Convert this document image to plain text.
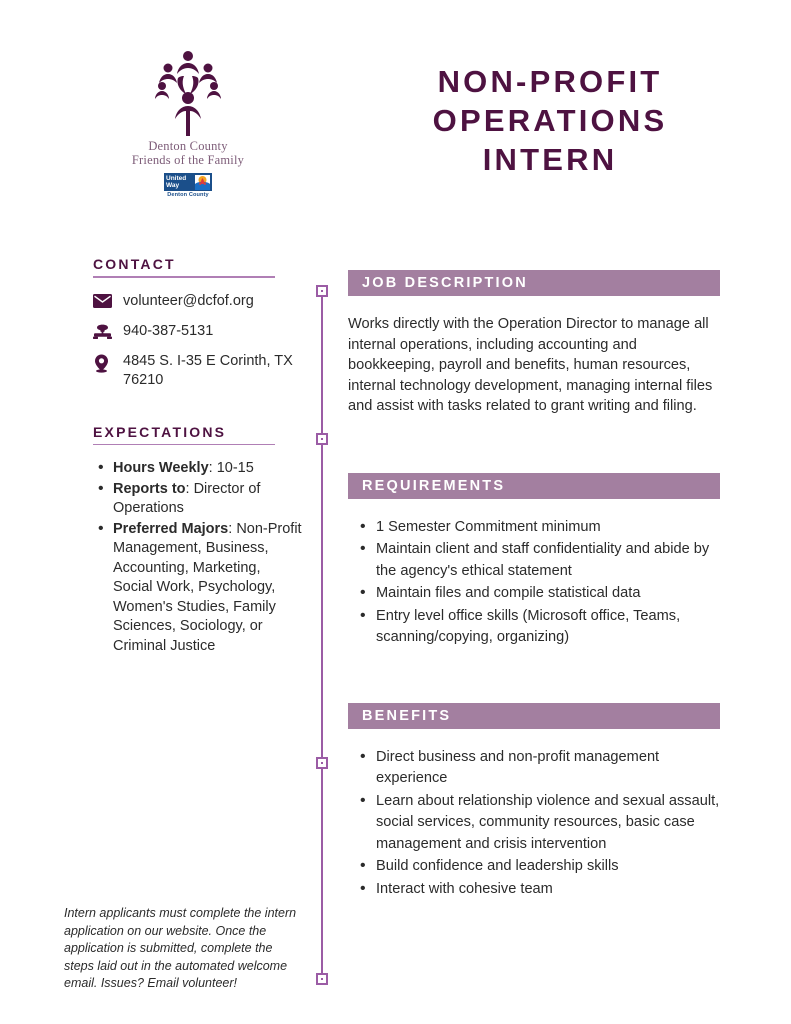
Denton County
Friends of the Family
United
Way
Denton County
NON-PROFIT OPERATIONS INTERN
CONTACT
volunteer@dcfof.org
940-387-5131
4845 S. I-35 E Corinth, TX 76210
EXPECTATIONS
• Hours Weekly: 10-15
• Reports to: Director of Operations
• Preferred Majors: Non-Profit Management, Business, Accounting, Marketing, Social Work, Psychology, Women's Studies, Family Sciences, Sociology, or Criminal Justice
Intern applicants must complete the intern application on our website. Once the application is submitted, complete the steps laid out in the automated welcome email. Issues? Email volunteer!
JOB DESCRIPTION
Works directly with the Operation Director to manage all internal operations, including accounting and bookkeeping, payroll and benefits, human resources, internal technology development, managing internal files and assist with tasks related to grant writing and filing.
REQUIREMENTS
• 1 Semester Commitment minimum
• Maintain client and staff confidentiality and abide by the agency's ethical statement
• Maintain files and compile statistical data
• Entry level office skills (Microsoft office, Teams, scanning/copying, organizing)
BENEFITS
• Direct business and non-profit management experience
• Learn about relationship violence and sexual assault, social services, community resources, basic case management and crisis intervention
• Build confidence and leadership skills
• Interact with cohesive team
